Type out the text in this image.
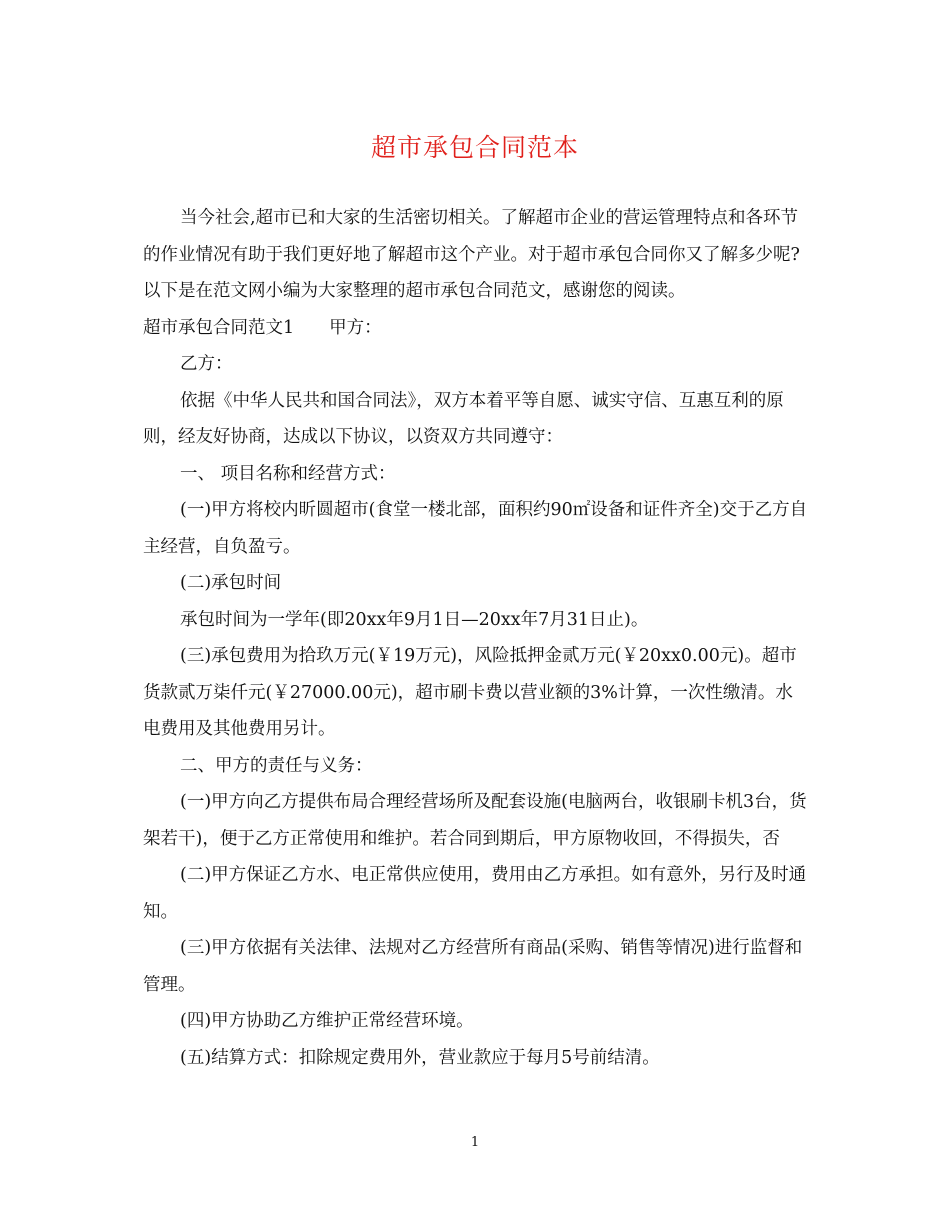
超市承包合同范本

当今社会,超市已和大家的生活密切相关。了解超市企业的营运管理特点和各环节的作业情况有助于我们更好地了解超市这个产业。对于超市承包合同你又了解多少呢?以下是在范文网小编为大家整理的超市承包合同范文，感谢您的阅读。

超市承包合同范文1　　甲方：

乙方：

依据《中华人民共和国合同法》，双方本着平等自愿、诚实守信、互惠互利的原则，经友好协商，达成以下协议，以资双方共同遵守：

一、 项目名称和经营方式：

(一)甲方将校内昕圆超市(食堂一楼北部，面积约90㎡设备和证件齐全)交于乙方自主经营，自负盈亏。

(二)承包时间

承包时间为一学年(即20xx年9月1日—20xx年7月31日止)。

(三)承包费用为拾玖万元(￥19万元)，风险抵押金贰万元(￥20xx0.00元)。超市货款贰万柒仟元(￥27000.00元)，超市刷卡费以营业额的3%计算，一次性缴清。水电费用及其他费用另计。

二、甲方的责任与义务：

(一)甲方向乙方提供布局合理经营场所及配套设施(电脑两台，收银刷卡机3台，货架若干)，便于乙方正常使用和维护。若合同到期后，甲方原物收回，不得损失，否

(二)甲方保证乙方水、电正常供应使用，费用由乙方承担。如有意外，另行及时通知。

(三)甲方依据有关法律、法规对乙方经营所有商品(采购、销售等情况)进行监督和管理。

(四)甲方协助乙方维护正常经营环境。

(五)结算方式：扣除规定费用外，营业款应于每月5号前结清。

1
